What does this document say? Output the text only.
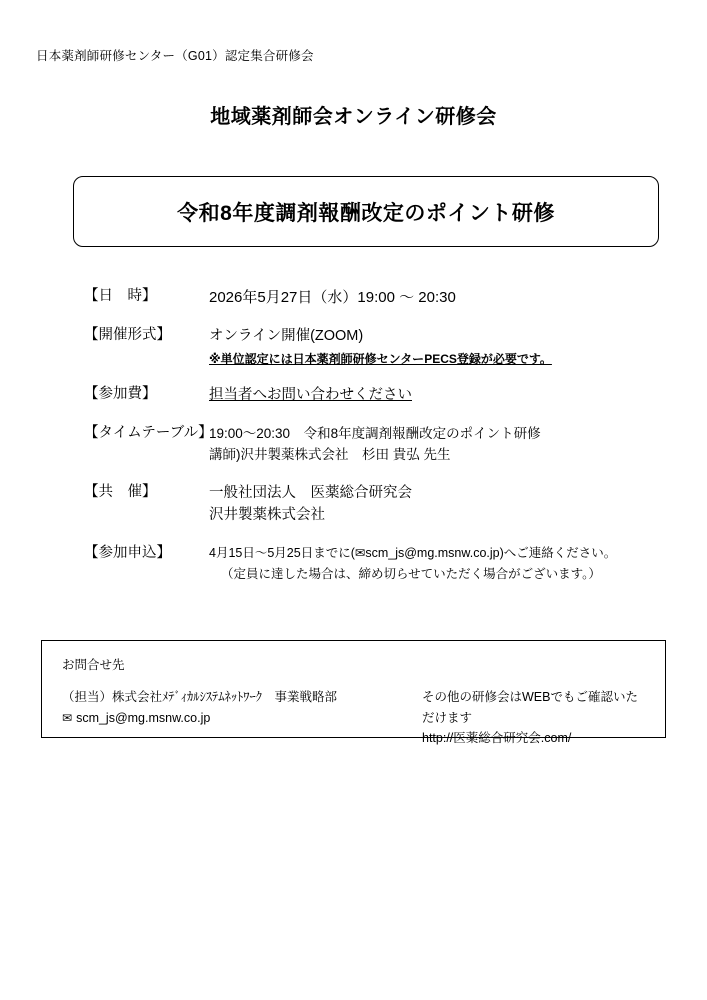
日本薬剤師研修センター（G01）認定集合研修会
地域薬剤師会オンライン研修会
令和8年度調剤報酬改定のポイント研修
【日　時】	2026年5月27日（水）19:00 ～ 20:30
【開催形式】	オンライン開催(ZOOM)
※単位認定には日本薬剤師研修センターPECS登録が必要です。
【参加費】	担当者へお問い合わせください
【タイムテーブル】
19:00～20:30　令和8年度調剤報酬改定のポイント研修
講師)沢井製薬株式会社　杉田 貴弘 先生
【共　催】	一般社団法人　医薬総合研究会
沢井製薬株式会社
【参加申込】	4月15日～5月25日までに(✉scm_js@mg.msnw.co.jp)へご連絡ください。
（定員に達した場合は、締め切らせていただく場合がございます。）
お問合せ先
（担当）株式会社ﾒﾃﾞｨｶﾙｼｽﾃﾑﾈｯﾄﾜｰｸ　事業戦略部
✉ scm_js@mg.msnw.co.jp
その他の研修会はWEBでもご確認いただけます
http://医薬総合研究会.com/
